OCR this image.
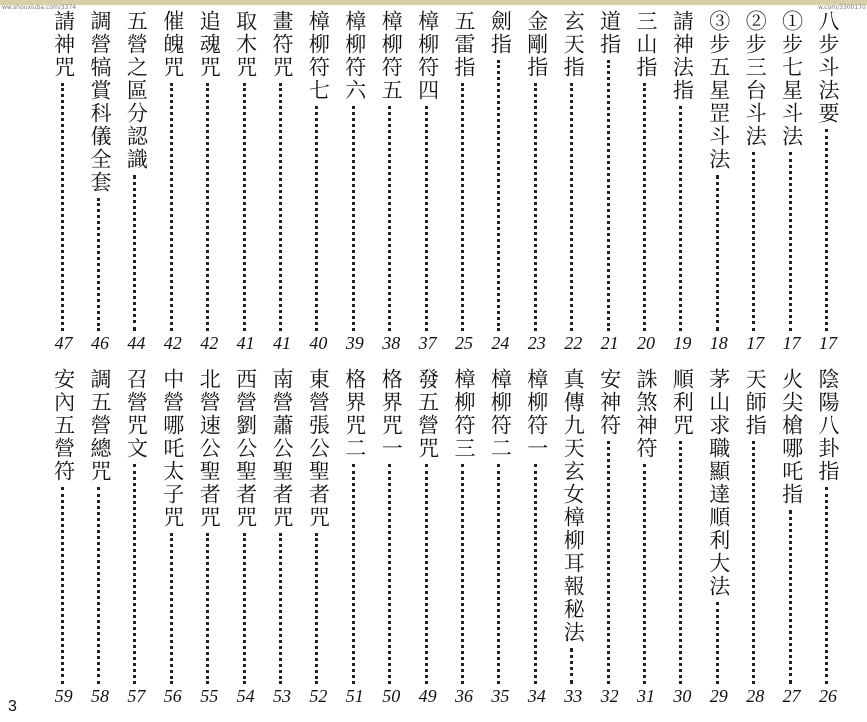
ww.shouxiuba.com/3374	w.com/3300170
八步斗法要
17
①步七星斗法
17
②步三台斗法
17
③步五星罡斗法
18
請神法指
19
三山指
20
道指
21
玄天指
22
金剛指
23
劍指
24
五雷指
25
樟柳符四
37
樟柳符五
38
樟柳符六
39
樟柳符七
40
畫符咒
41
取木咒
41
追魂咒
42
催魄咒
42
五營之區分認識
44
調營犒賞科儀全套
46
請神咒
47
陰陽八卦指
26
火尖槍哪吒指
27
天師指
28
茅山求職顯達順利大法
29
順利咒
30
誅煞神符
31
安神符
32
真傳九天玄女樟柳耳報秘法
33
樟柳符一
34
樟柳符二
35
樟柳符三
36
發五營咒
49
格界咒一
50
格界咒二
51
東營張公聖者咒
52
南營蕭公聖者咒
53
西營劉公聖者咒
54
北營速公聖者咒
55
中營哪吒太子咒
56
召營咒文
57
調五營總咒
58
安內五營符
59
3
